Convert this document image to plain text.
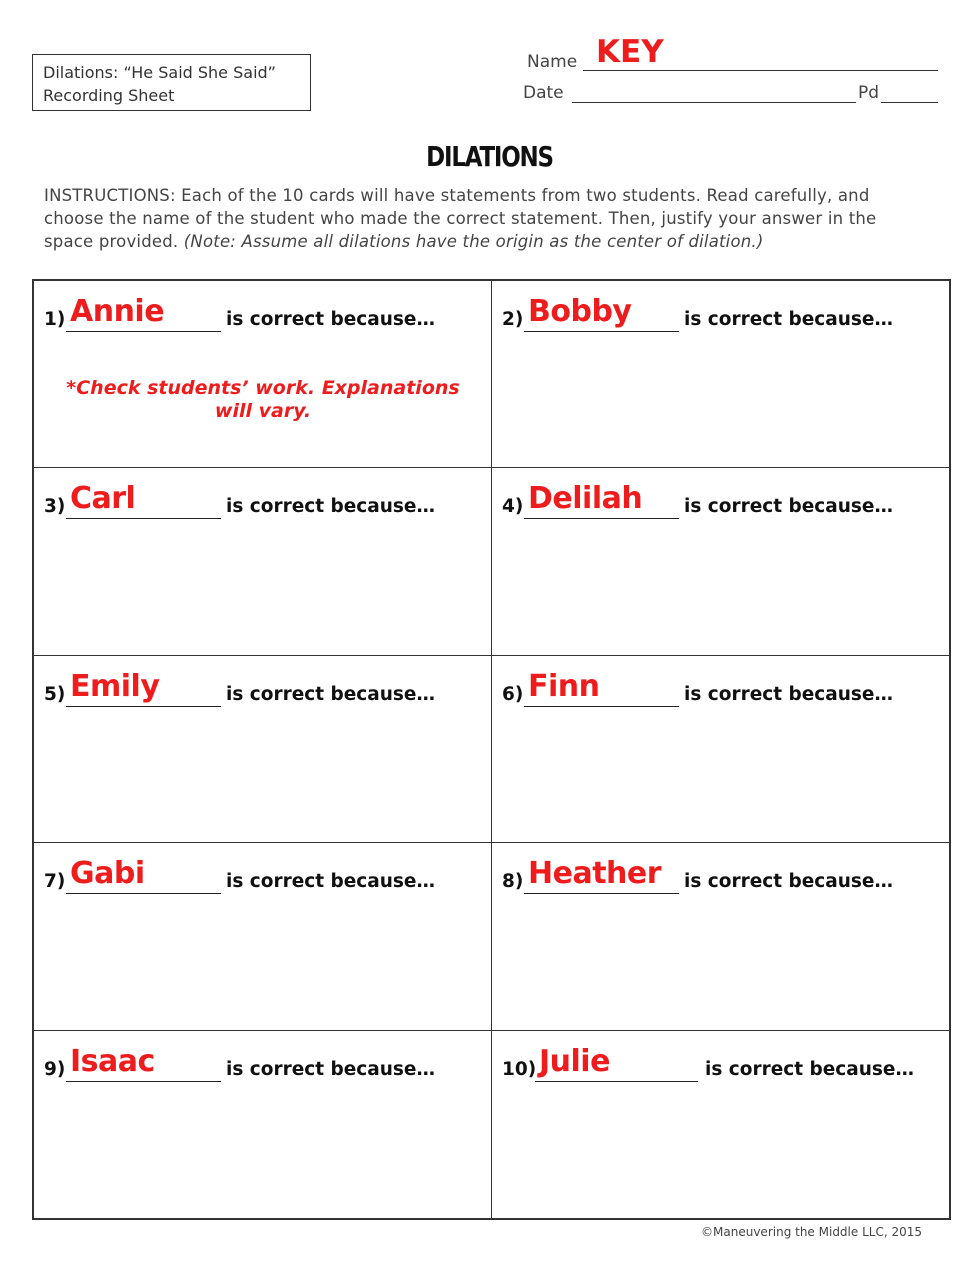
Dilations: “He Said She Said”
Recording Sheet
Name KEY
Date	Pd
DILATIONS
INSTRUCTIONS: Each of the 10 cards will have statements from two students. Read carefully, and choose the name of the student who made the correct statement. Then, justify your answer in the space provided. (Note: Assume all dilations have the origin as the center of dilation.)
1) Annie	is correct because…
*Check students’ work. Explanations will vary.
2) Bobby	is correct because…
3) Carl	is correct because…	4) Delilah is correct because…
5) Emily	is correct because…	6) Finn	is correct because…
7) Gabi	is correct because…	8) Heather is correct because…
9) Isaac	is correct because…	10) Julie	is correct because…
©Maneuvering the Middle LLC, 2015
